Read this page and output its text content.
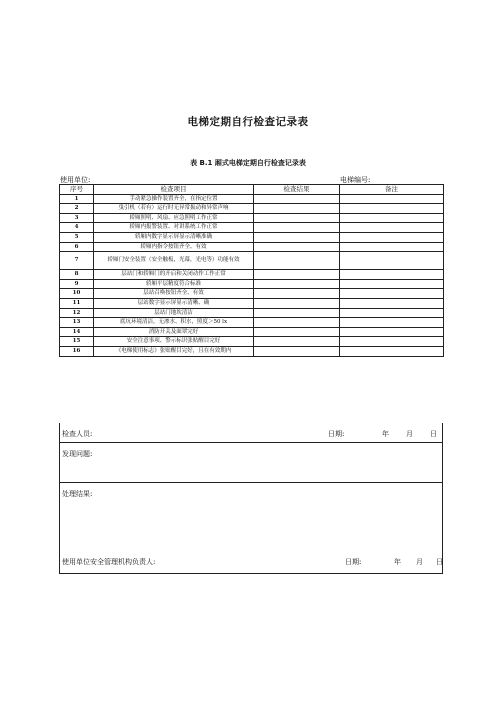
电梯定期自行检查记录表
表 B.1 厢式电梯定期自行检查记录表
使用单位:	电梯编号:
序号	检查项目	检查结果	备注
1	手动紧急操作装置齐全，在指定位置		
2	曳引机（若有）运行时无异常振动和异常声响		
3	轿厢照明、风扇、应急照明工作正常		
4	轿厢内报警装置、对讲系统工作正常		
5	轿厢内数字显示屏显示清晰准确		
6	轿厢内指令按钮齐全、有效		
7	轿厢门安全装置（安全触板，光幕，光电等）功能有效		
8	层站门和轿厢门的开启和关闭动作工作正常		
9	轿厢平层精度符合标准		
10	层站召唤按钮齐全、有效		
11	层站数字显示屏显示清晰、确		
12	层站门地坎清洁		
13	底坑环境清洁，无渗水、积水，照度＞50 lx		
14	消防开关及面罩完好		
15	安全注意事项、警示标识张贴醒目完好		
16	《电梯使用标志》张贴醒目完好，且在有效期内		
检查人员:	日期:	年 月 日
发现问题:
处理结果:
使用单位安全管理机构负责人:	日期:	年 月 日
